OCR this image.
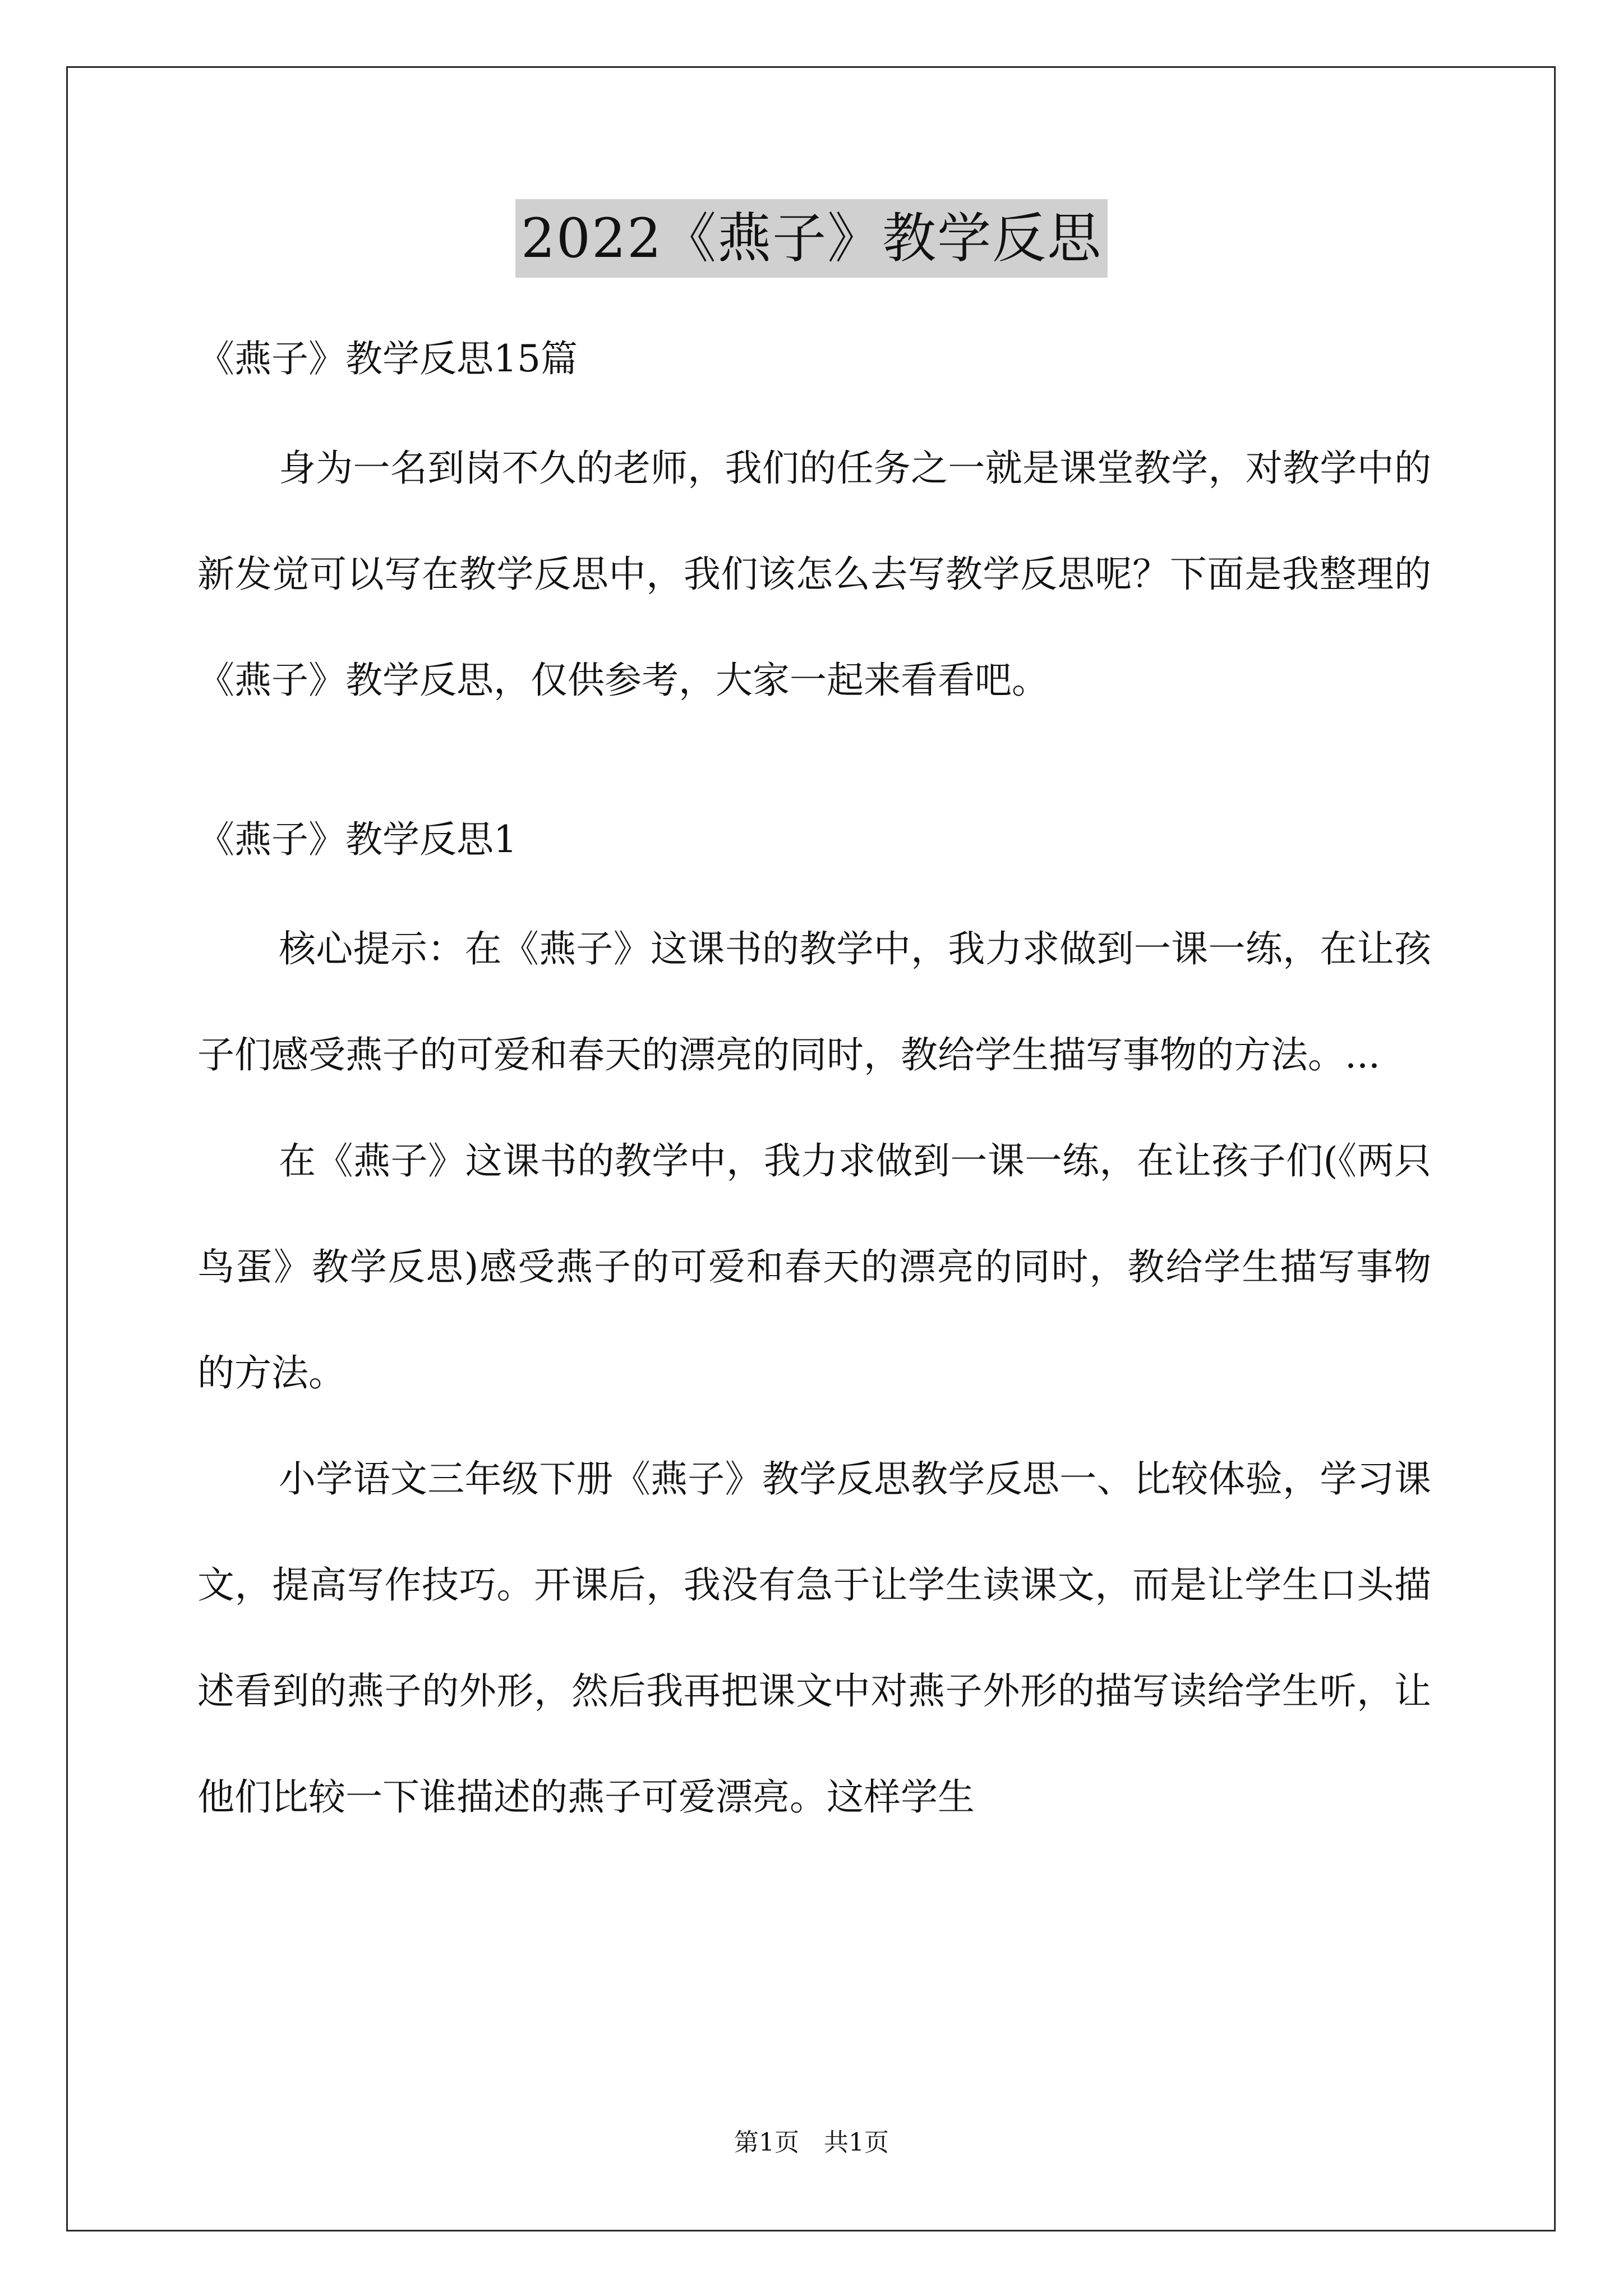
2022《燕子》教学反思
《燕子》教学反思15篇

身为一名到岗不久的老师，我们的任务之一就是课堂教学，对教学中的新发觉可以写在教学反思中，我们该怎么去写教学反思呢？下面是我整理的《燕子》教学反思，仅供参考，大家一起来看看吧。

《燕子》教学反思1

核心提示：在《燕子》这课书的教学中，我力求做到一课一练，在让孩子们感受燕子的可爱和春天的漂亮的同时，教给学生描写事物的方法。...

在《燕子》这课书的教学中，我力求做到一课一练，在让孩子们(《两只鸟蛋》教学反思)感受燕子的可爱和春天的漂亮的同时，教给学生描写事物的方法。

小学语文三年级下册《燕子》教学反思教学反思一、比较体验，学习课文，提高写作技巧。开课后，我没有急于让学生读课文，而是让学生口头描述看到的燕子的外形，然后我再把课文中对燕子外形的描写读给学生听，让他们比较一下谁描述的燕子可爱漂亮。这样学生

第1页　共1页
